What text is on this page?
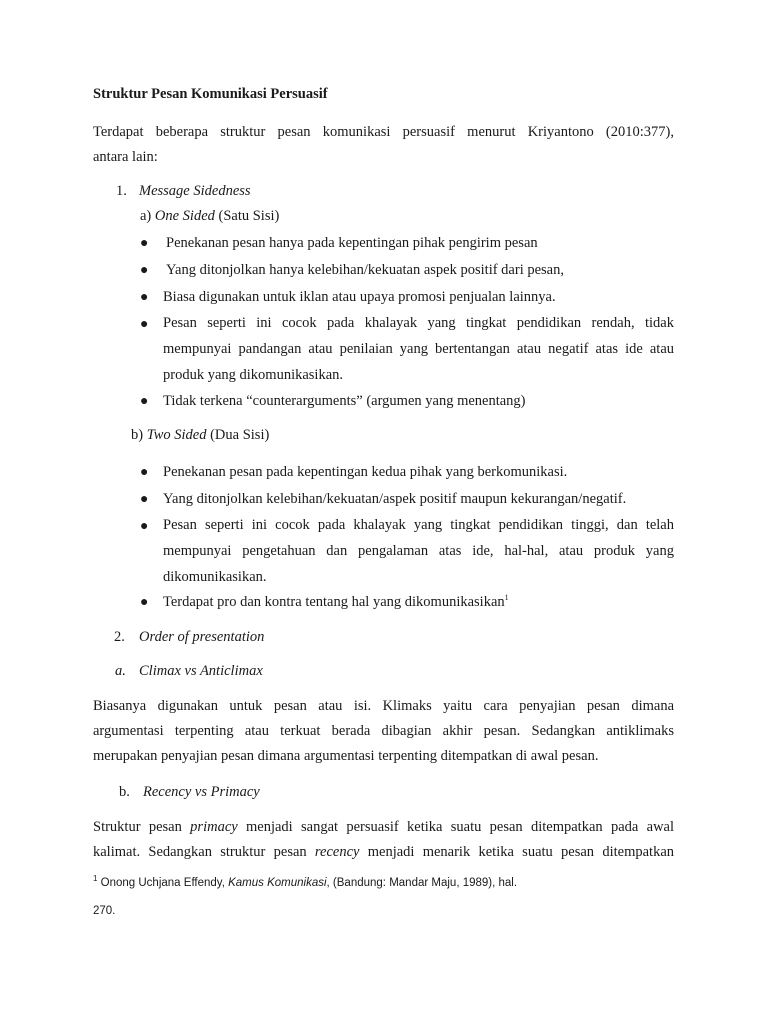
Struktur Pesan Komunikasi Persuasif
Terdapat beberapa struktur pesan komunikasi persuasif menurut Kriyantono (2010:377),
antara lain:
1. Message Sidedness
a) One Sided (Satu Sisi)
● Penekanan pesan hanya pada kepentingan pihak pengirim pesan
● Yang ditonjolkan hanya kelebihan/kekuatan aspek positif dari pesan,
● Biasa digunakan untuk iklan atau upaya promosi penjualan lainnya.
● Pesan seperti ini cocok pada khalayak yang tingkat pendidikan rendah, tidak
mempunyai pandangan atau penilaian yang bertentangan atau negatif atas ide atau
produk yang dikomunikasikan.
● Tidak terkena “counterarguments” (argumen yang menentang)
b) Two Sided (Dua Sisi)
● Penekanan pesan pada kepentingan kedua pihak yang berkomunikasi.
● Yang ditonjolkan kelebihan/kekuatan/aspek positif maupun kekurangan/negatif.
● Pesan seperti ini cocok pada khalayak yang tingkat pendidikan tinggi, dan telah
mempunyai pengetahuan dan pengalaman atas ide, hal-hal, atau produk yang
dikomunikasikan.
● Terdapat pro dan kontra tentang hal yang dikomunikasikan$^1$
2. Order of presentation
a. Climax vs Anticlimax
Biasanya digunakan untuk pesan atau isi. Klimaks yaitu cara penyajian pesan dimana
argumentasi terpenting atau terkuat berada dibagian akhir pesan. Sedangkan antiklimaks
merupakan penyajian pesan dimana argumentasi terpenting ditempatkan di awal pesan.
b. Recency vs Primacy
Struktur pesan primacy menjadi sangat persuasif ketika suatu pesan ditempatkan pada awal
kalimat. Sedangkan struktur pesan recency menjadi menarik ketika suatu pesan ditempatkan
$^1$ Onong Uchjana Effendy, Kamus Komunikasi, (Bandung: Mandar Maju, 1989), hal.
270.
